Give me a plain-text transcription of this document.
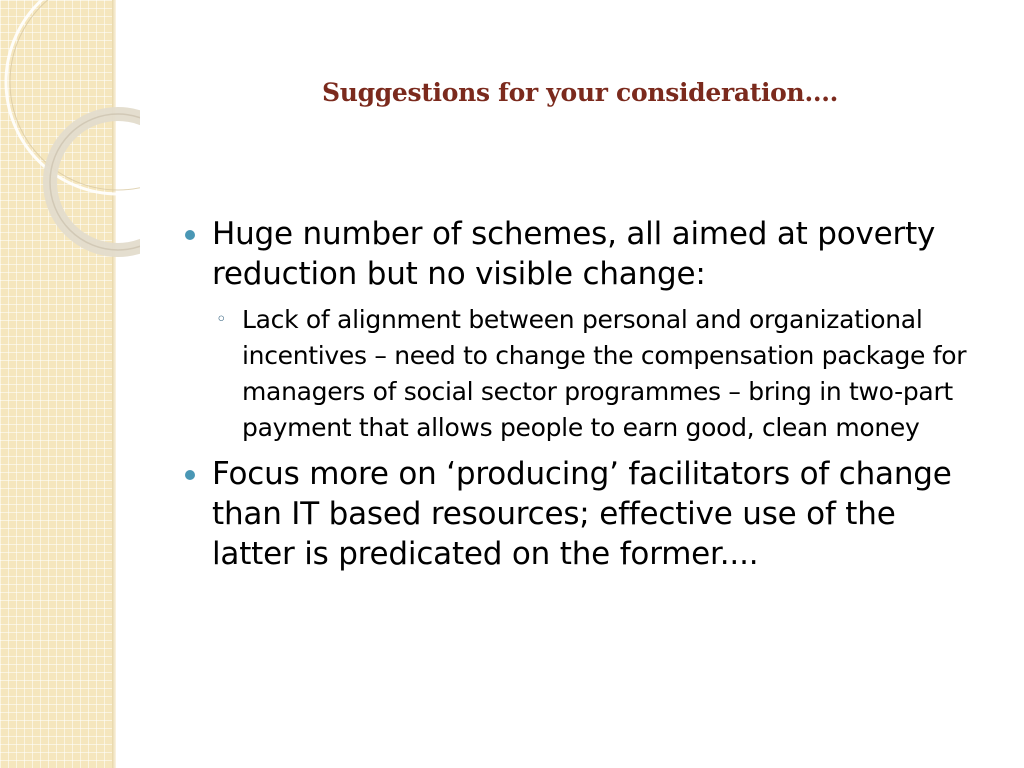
Suggestions for your consideration....
Huge number of schemes, all aimed at poverty reduction but no visible change:
◦ Lack of alignment between personal and organizational incentives – need to change the compensation package for managers of social sector programmes – bring in two-part payment that allows people to earn good, clean money
Focus more on ‘producing’ facilitators of change than IT based resources; effective use of the latter is predicated on the former....
